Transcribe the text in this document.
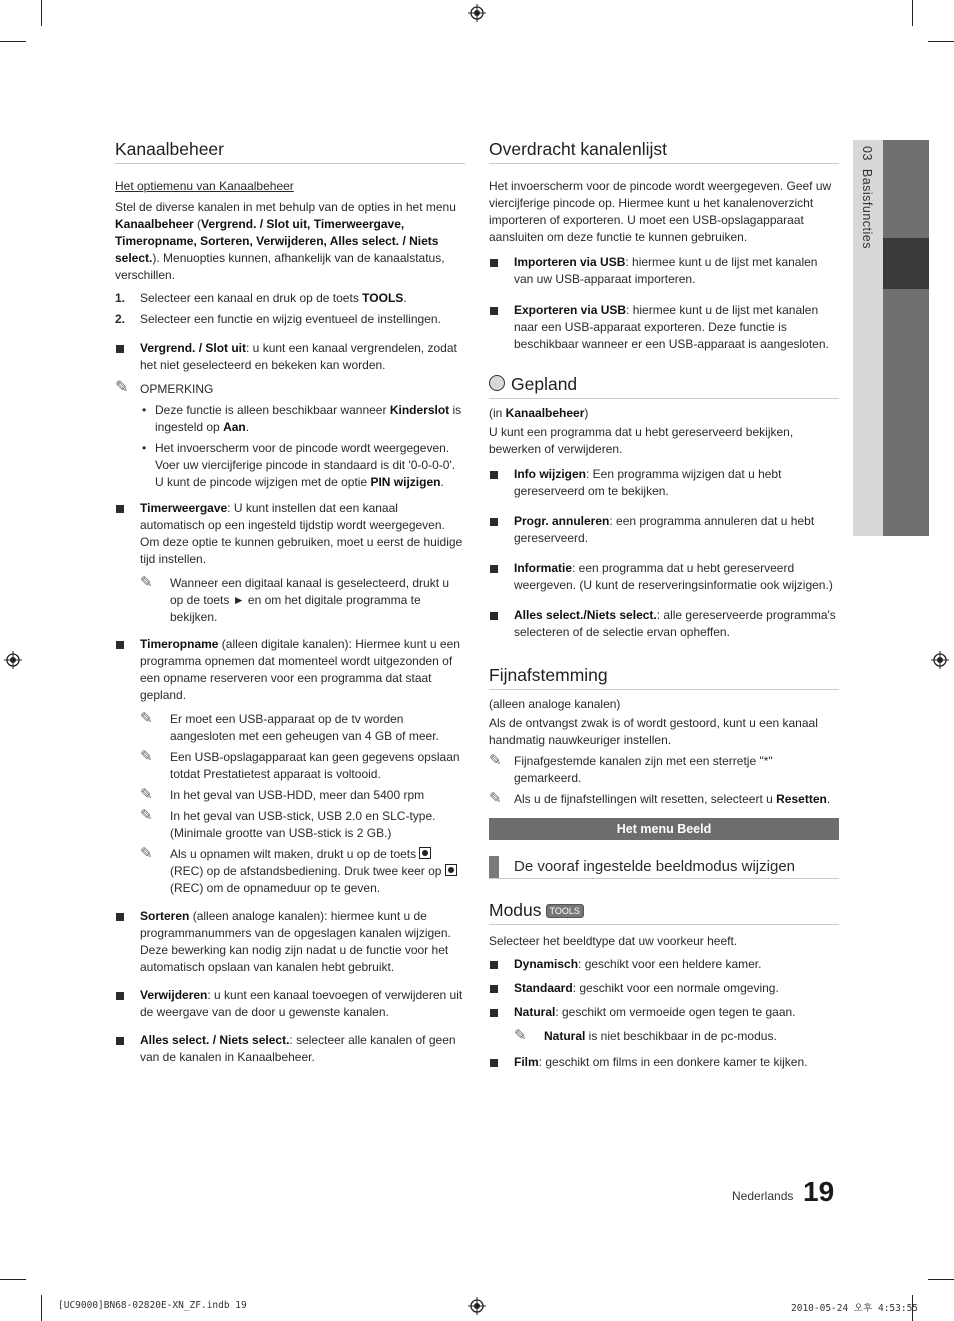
03  Basisfuncties
Kanaalbeheer
Het optiemenu van Kanaalbeheer

Stel de diverse kanalen in met behulp van de opties in het menu Kanaalbeheer (Vergrend. / Slot uit, Timerweergave, Timeropname, Sorteren, Verwijderen, Alles select. / Niets select.). Menuopties kunnen, afhankelijk van de kanaalstatus, verschillen.

1. Selecteer een kanaal en druk op de toets TOOLS.
2. Selecteer een functie en wijzig eventueel de instellingen.
Vergrend. / Slot uit: u kunt een kanaal vergrendelen, zodat het niet geselecteerd en bekeken kan worden.
✎ OPMERKING
• Deze functie is alleen beschikbaar wanneer Kinderslot is ingesteld op Aan.
• Het invoerscherm voor de pincode wordt weergegeven. Voer uw viercijferige pincode in standaard is dit '0-0-0-0'. U kunt de pincode wijzigen met de optie PIN wijzigen.
Timerweergave: U kunt instellen dat een kanaal automatisch op een ingesteld tijdstip wordt weergegeven. Om deze optie te kunnen gebruiken, moet u eerst de huidige tijd instellen.
✎ Wanneer een digitaal kanaal is geselecteerd, drukt u op de toets ► en om het digitale programma te bekijken.
Timeropname (alleen digitale kanalen): Hiermee kunt u een programma opnemen dat momenteel wordt uitgezonden of een opname reserveren voor een programma dat staat gepland.
✎ Er moet een USB-apparaat op de tv worden aangesloten met een geheugen van 4 GB of meer.
✎ Een USB-opslagapparaat kan geen gegevens opslaan totdat Prestatietest apparaat is voltooid.
✎ In het geval van USB-HDD, meer dan 5400 rpm
✎ In het geval van USB-stick, USB 2.0 en SLC-type. (Minimale grootte van USB-stick is 2 GB.)
✎ Als u opnamen wilt maken, drukt u op de toets
(REC) op de afstandsbediening. Druk twee keer op
(REC) om de opnameduur op te geven.
Sorteren (alleen analoge kanalen): hiermee kunt u de programmanummers van de opgeslagen kanalen wijzigen. Deze bewerking kan nodig zijn nadat u de functie voor het automatisch opslaan van kanalen hebt gebruikt.
Verwijderen: u kunt een kanaal toevoegen of verwijderen uit de weergave van de door u gewenste kanalen.
Alles select. / Niets select.: selecteer alle kanalen of geen van de kanalen in Kanaalbeheer.
Overdracht kanalenlijst

Het invoerscherm voor de pincode wordt weergegeven. Geef uw viercijferige pincode op. Hiermee kunt u het kanalenoverzicht importeren of exporteren. U moet een USB-opslagapparaat aansluiten om deze functie te kunnen gebruiken.

Importeren via USB: hiermee kunt u de lijst met kanalen van uw USB-apparaat importeren.
Exporteren via USB: hiermee kunt u de lijst met kanalen naar een USB-apparaat exporteren. Deze functie is beschikbaar wanneer er een USB-apparaat is aangesloten.
Gepland

(in Kanaalbeheer)

U kunt een programma dat u hebt gereserveerd bekijken, bewerken of verwijderen.

Info wijzigen: Een programma wijzigen dat u hebt gereserveerd om te bekijken.
Progr. annuleren: een programma annuleren dat u hebt gereserveerd.
Informatie: een programma dat u hebt gereserveerd weergeven. (U kunt de reserveringsinformatie ook wijzigen.)
Alles select./Niets select.: alle gereserveerde programma's selecteren of de selectie ervan opheffen.
Fijnafstemming

(alleen analoge kanalen)

Als de ontvangst zwak is of wordt gestoord, kunt u een kanaal handmatig nauwkeuriger instellen.

✎ Fijnafgestemde kanalen zijn met een sterretje "*" gemarkeerd.
✎ Als u de fijnafstellingen wilt resetten, selecteert u Resetten.
Het menu Beeld
De vooraf ingestelde beeldmodus wijzigen
Modus TOOLS

Selecteer het beeldtype dat uw voorkeur heeft.

Dynamisch: geschikt voor een heldere kamer.
Standaard: geschikt voor een normale omgeving.
Natural: geschikt om vermoeide ogen tegen te gaan.
✎ Natural is niet beschikbaar in de pc-modus.
Film: geschikt om films in een donkere kamer te kijken.
Nederlands 19
[UC9000]BN68-02820E-XN_ZF.indb 19	2010-05-24 오후 4:53:55
